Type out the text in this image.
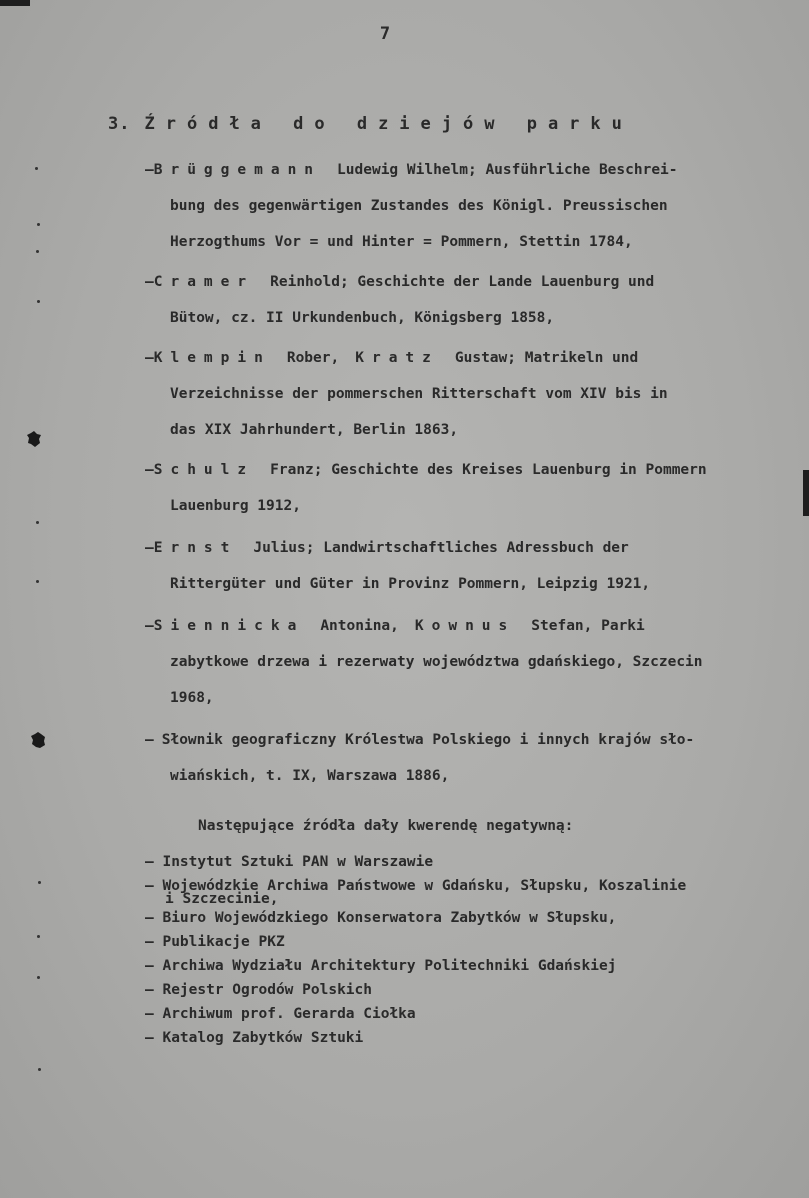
7
3. Źródła do dziejów parku
–Brüggemann Ludewig Wilhelm; Ausführliche Beschrei-
bung des gegenwärtigen Zustandes des Königl. Preussischen
Herzogthums Vor = und Hinter = Pommern, Stettin 1784,
–Cramer Reinhold; Geschichte der Lande Lauenburg und
Bütow, cz. II Urkundenbuch, Königsberg 1858,
–Klempin Rober, Kratz Gustaw; Matrikeln und
Verzeichnisse der pommerschen Ritterschaft vom XIV bis in
das XIX Jahrhundert, Berlin 1863,
–Schulz Franz; Geschichte des Kreises Lauenburg in Pommern
Lauenburg 1912,
–Ernst Julius; Landwirtschaftliches Adressbuch der
Rittergüter und Güter in Provinz Pommern, Leipzig 1921,
–Siennicka Antonina, Kownus Stefan, Parki
zabytkowe drzewa i rezerwaty województwa gdańskiego, Szczecin
1968,
– Słownik geograficzny Królestwa Polskiego i innych krajów sło-
wiańskich, t. IX, Warszawa 1886,
Następujące źródła dały kwerendę negatywną:
– Instytut Sztuki PAN w Warszawie
– Wojewódzkie Archiwa Państwowe w Gdańsku, Słupsku, Koszalinie
i Szczecinie,
– Biuro Wojewódzkiego Konserwatora Zabytków w Słupsku,
– Publikacje PKZ
– Archiwa Wydziału Architektury Politechniki Gdańskiej
– Rejestr Ogrodów Polskich
– Archiwum prof. Gerarda Ciołka
– Katalog Zabytków Sztuki
